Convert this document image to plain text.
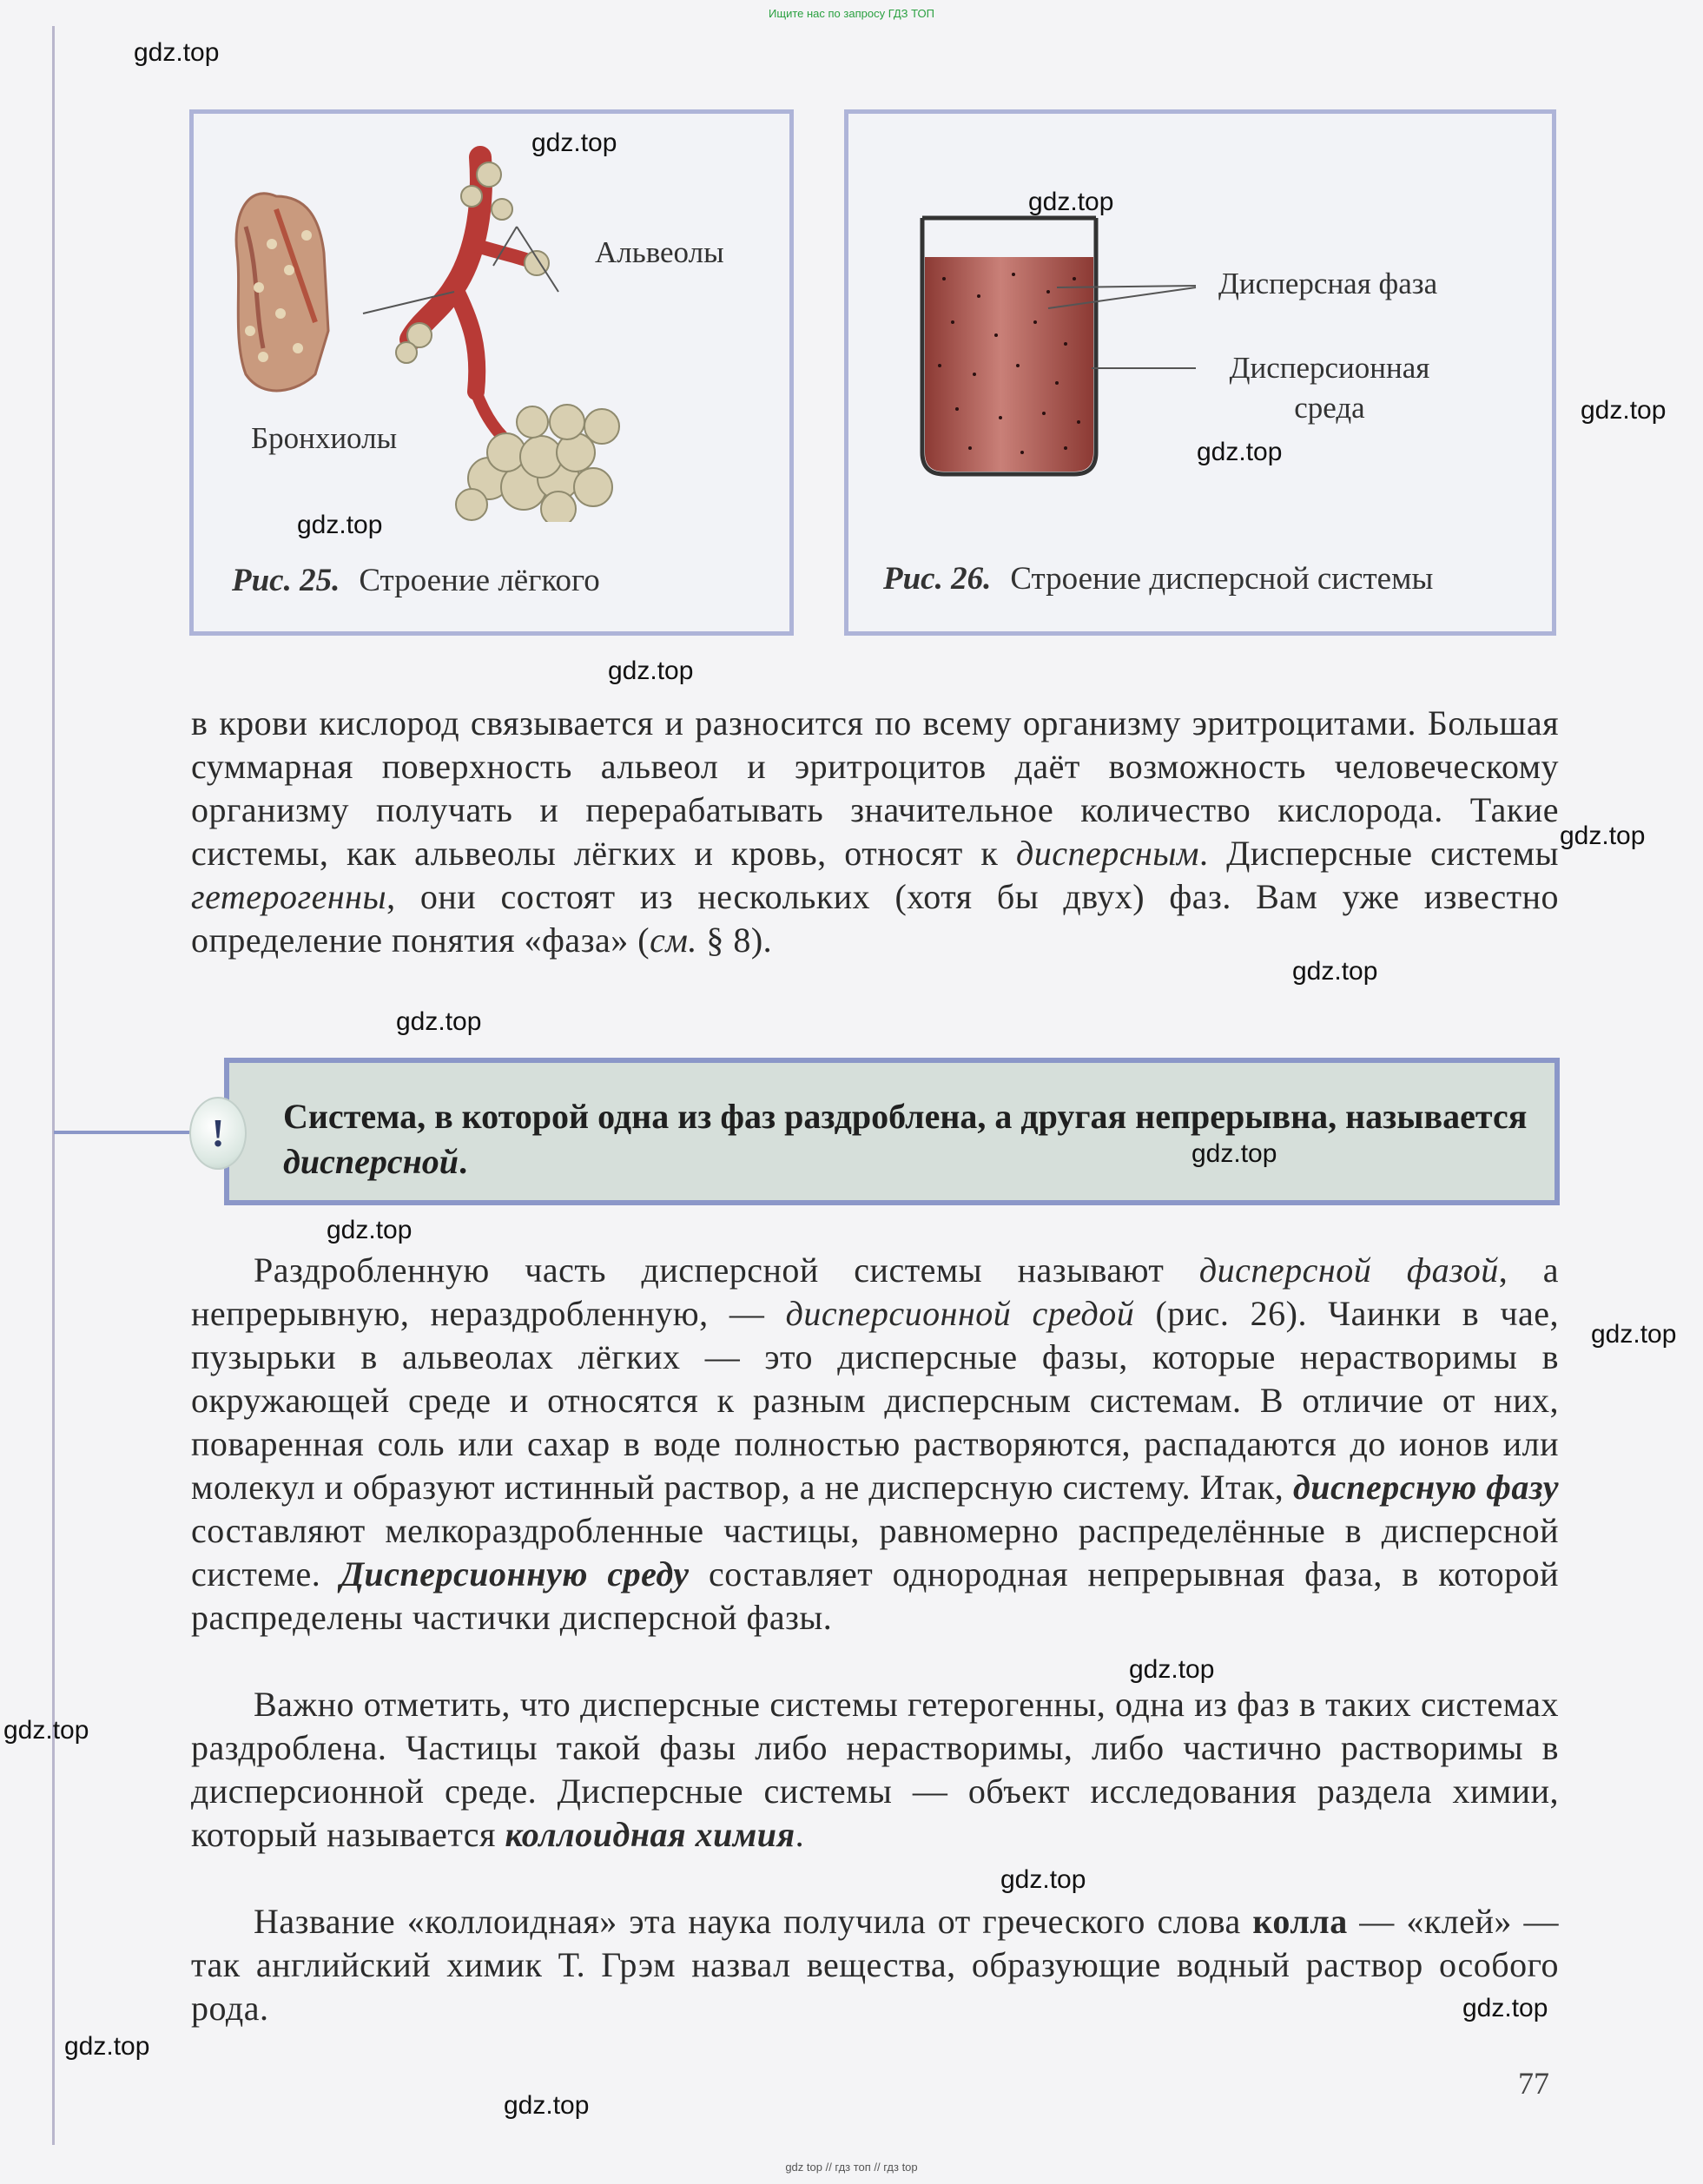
Ищите нас по запросу ГДЗ ТОП
Альвеолы
Бронхиолы
Рис. 25. Строение лёгкого
Дисперсная фаза
Дисперсионная
среда
Рис. 26. Строение дисперсной системы
в крови кислород связывается и разносится по всему организму эритроцитами. Большая суммарная поверхность альвеол и эритроцитов даёт возможность человеческому организму получать и перерабатывать значительное количество кислорода. Такие системы, как альвеолы лёгких и кровь, относят к дисперсным. Дисперсные системы гетерогенны, они состоят из нескольких (хотя бы двух) фаз. Вам уже известно определение понятия «фаза» (см. § 8).
Система, в которой одна из фаз раздроблена, а другая непрерывна, называется дисперсной.
!
Раздробленную часть дисперсной системы называют дисперсной фазой, а непрерывную, нераздробленную, — дисперсионной средой (рис. 26). Чаинки в чае, пузырьки в альвеолах лёгких — это дисперсные фазы, которые нерастворимы в окружающей среде и относятся к разным дисперсным системам. В отличие от них, поваренная соль или сахар в воде полностью растворяются, распадаются до ионов или молекул и образуют истинный раствор, а не дисперсную систему. Итак, дисперсную фазу составляют мелкораздробленные частицы, равномерно распределённые в дисперсной системе. Дисперсионную среду составляет однородная непрерывная фаза, в которой распределены частички дисперсной фазы.
Важно отметить, что дисперсные системы гетерогенны, одна из фаз в таких системах раздроблена. Частицы такой фазы либо нерастворимы, либо частично растворимы в дисперсионной среде. Дисперсные системы — объект исследования раздела химии, который называется коллоидная химия.
Название «коллоидная» эта наука получила от греческого слова колла — «клей» — так английский химик Т. Грэм назвал вещества, образующие водный раствор особого рода.
77
gdz.top
gdz.top
gdz.top
gdz.top
gdz.top
gdz.top
gdz.top
gdz.top
gdz.top
gdz.top
gdz.top
gdz.top
gdz.top
gdz.top
gdz.top
gdz.top
gdz.top
gdz.top
gdz.top
gdz top // гдз топ // гдз top
